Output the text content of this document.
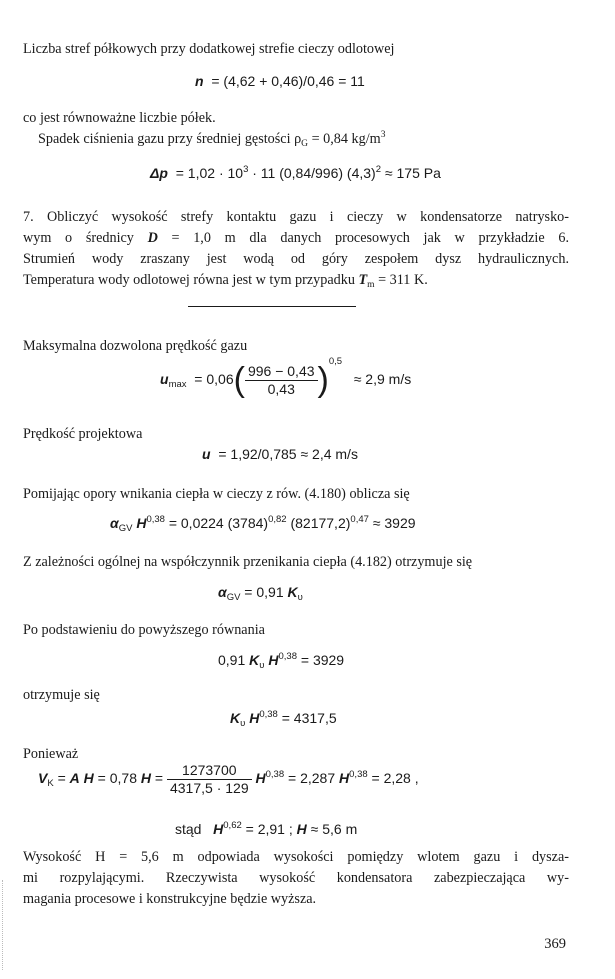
Liczba stref półkowych przy dodatkowej strefie cieczy odlotowej
n = (4,62 + 0,46)/0,46 = 11
co jest równoważne liczbie półek.
Spadek ciśnienia gazu przy średniej gęstości $\rho_G = 0,84$ $kg/m^3$
$\Delta p = 1,02 \cdot 10^3 \cdot 11$ (0,84/996) $(4,3)^2 \approx 175$ Pa
7. Obliczyć wysokość strefy kontaktu gazu i cieczy w kondensatorze natrysko-
wym o średnicy D = 1,0 m dla danych procesowych jak w przykładzie 6.
Strumień wody zraszany jest wodą od góry zespołem dysz hydraulicznych.
Temperatura wody odlotowej równa jest w tym przypadku $T_m = 311$ K.
Maksymalna dozwolona prędkość gazu
$u_{max} = 0,06( \frac{996 - 0,43}{0,43} )^{0,5} \approx 2,9$ m/s
Prędkość projektowa
u = 1,92/0,785 ≈ 2,4 m/s
Pomijając opory wnikania ciepła w cieczy z rów. (4.180) oblicza się
$\alpha_{GV}$ H$^{0,38}$ = 0,0224 $(3784)^{0,82}$ $(82177,2)^{0,47} \approx 3929$
Z zależności ogólnej na współczynnik przenikania ciepła (4.182) otrzymuje się
$\alpha_{GV} = 0,91$ $K_\upsilon$
Po podstawieniu do powyższego równania
0,91 $K_\upsilon$ H$^{0,38}$ = 3929
otrzymuje się
$K_\upsilon$ H$^{0,38}$ = 4317,5
Ponieważ
$V_K = A$ H = 0,78 $H = \frac{1273700}{4317,5 \cdot 129} H^{0,38} = 2,287$ H$^{0,38}$ = 2,28 ,
stąd H$^{0,62}$ = 2,91 ; H ≈ 5,6 m
Wysokość H = 5,6 m odpowiada wysokości pomiędzy wlotem gazu i dysza-
mi rozpylającymi. Rzeczywista wysokość kondensatora zabezpieczająca wy-
magania procesowe i konstrukcyjne będzie wyższa.
369
